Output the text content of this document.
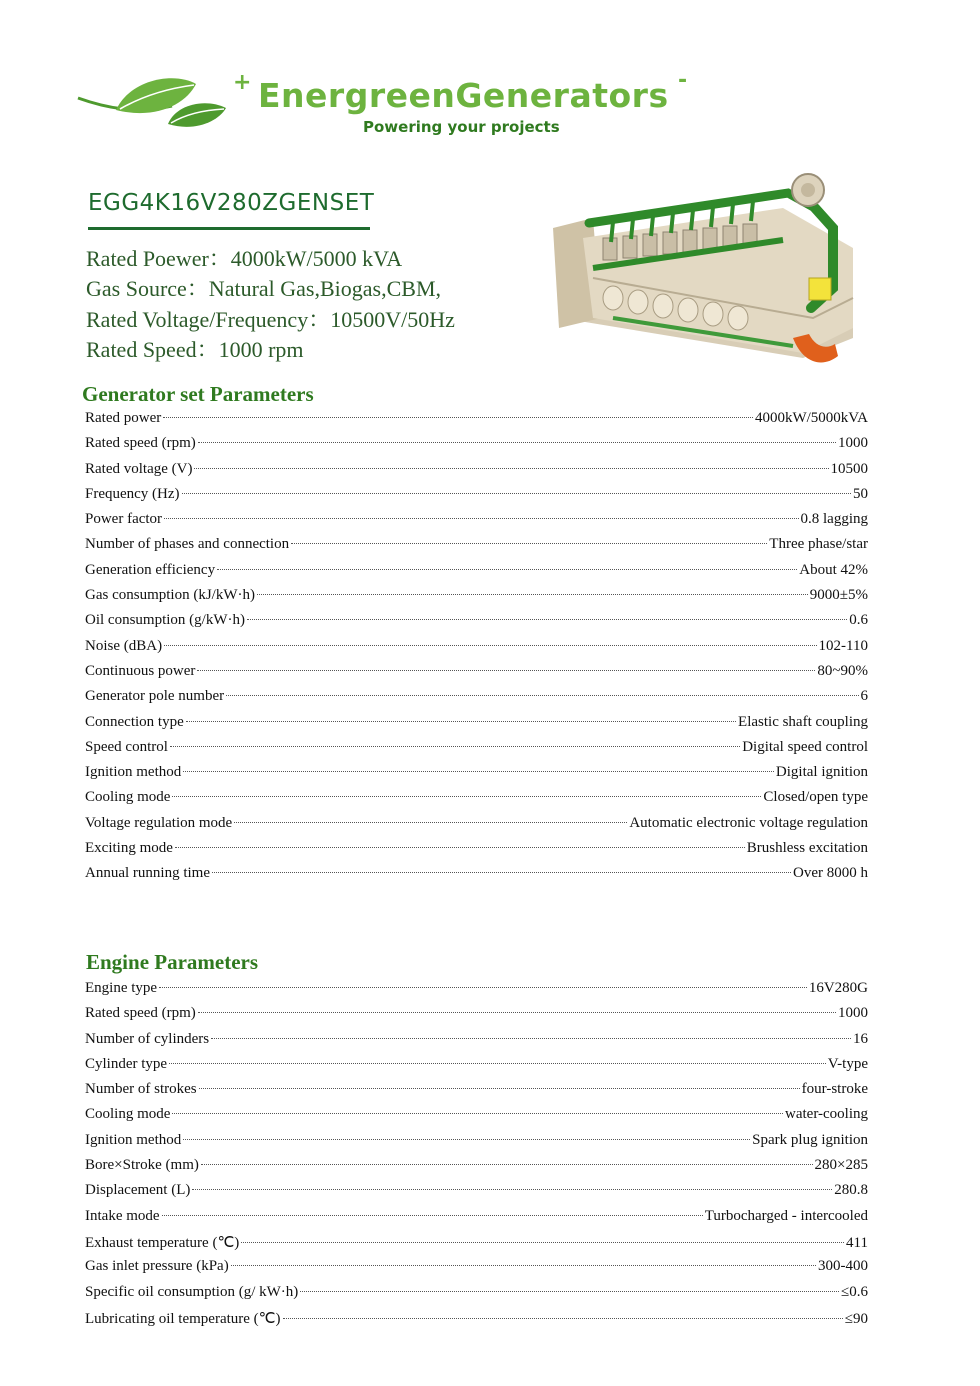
+ EnergreenGenerators -
Powering your projects
EGG4K16V280ZGENSET
Rated Poewer：4000kW/5000 kVA
Gas Source：Natural Gas,Biogas,CBM,
Rated Voltage/Frequency：10500V/50Hz
Rated Speed：1000 rpm
Generator set Parameters
Rated power	4000kW/5000kVA
Rated speed (rpm)	1000
Rated voltage (V)	10500
Frequency (Hz)	50
Power factor	0.8 lagging
Number of phases and connection	Three phase/star
Generation efficiency	About 42%
Gas consumption (kJ/kW·h)	9000±5%
Oil consumption (g/kW·h)	0.6
Noise (dBA)	102-110
Continuous power	80~90%
Generator pole number	6
Connection type	Elastic shaft coupling
Speed control	Digital speed control
Ignition method	Digital ignition
Cooling mode	Closed/open type
Voltage regulation mode	Automatic electronic voltage regulation
Exciting mode	Brushless excitation
Annual running time	Over 8000 h
Engine Parameters
Engine type	16V280G
Rated speed (rpm)	1000
Number of cylinders	16
Cylinder type	V-type
Number of strokes	four-stroke
Cooling mode	water-cooling
Ignition method	Spark plug ignition
Bore×Stroke (mm)	280×285
Displacement (L)	280.8
Intake mode	Turbocharged - intercooled
Exhaust temperature (℃)	411
Gas inlet pressure (kPa)	300-400
Specific oil consumption (g/ kW·h)	≤0.6
Lubricating oil temperature (℃)	≤90
